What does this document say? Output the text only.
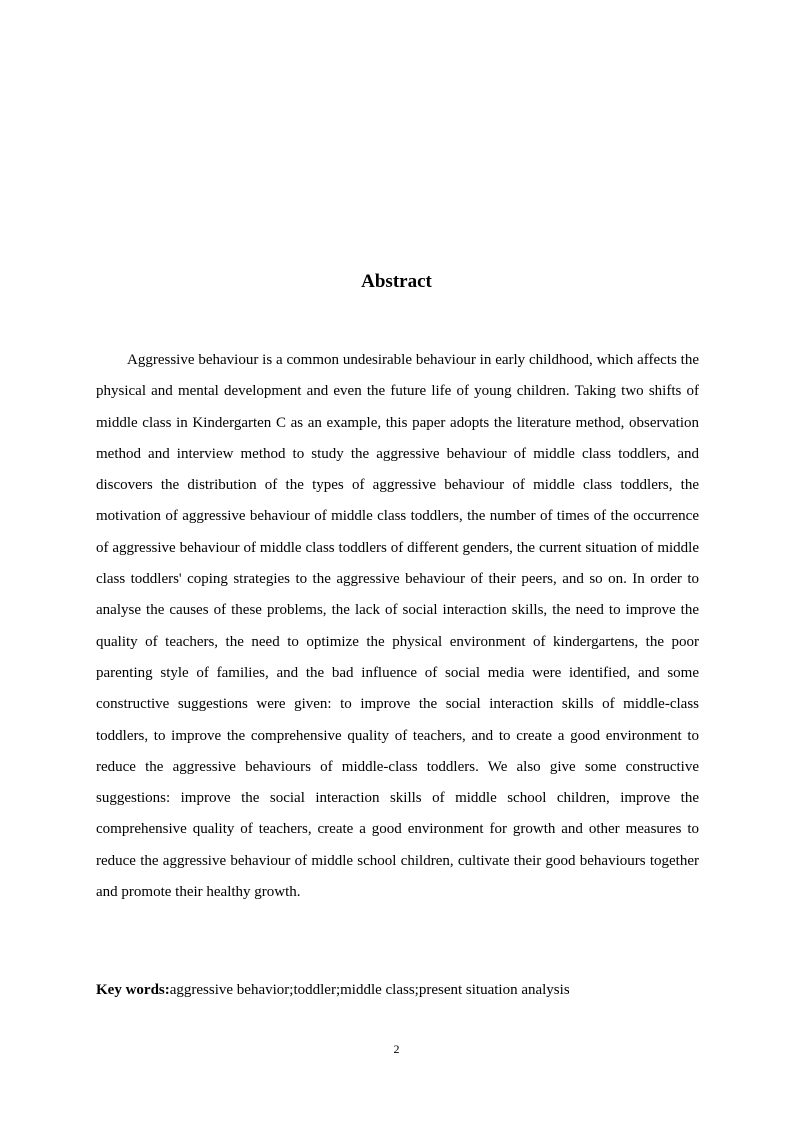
Abstract

Aggressive behaviour is a common undesirable behaviour in early childhood, which affects the physical and mental development and even the future life of young children. Taking two shifts of middle class in Kindergarten C as an example, this paper adopts the literature method, observation method and interview method to study the aggressive behaviour of middle class toddlers, and discovers the distribution of the types of aggressive behaviour of middle class toddlers, the motivation of aggressive behaviour of middle class toddlers, the number of times of the occurrence of aggressive behaviour of middle class toddlers of different genders, the current situation of middle class toddlers' coping strategies to the aggressive behaviour of their peers, and so on. In order to analyse the causes of these problems, the lack of social interaction skills, the need to improve the quality of teachers, the need to optimize the physical environment of kindergartens, the poor parenting style of families, and the bad influence of social media were identified, and some constructive suggestions were given: to improve the social interaction skills of middle-class toddlers, to improve the comprehensive quality of teachers, and to create a good environment to reduce the aggressive behaviours of middle-class toddlers. We also give some constructive suggestions: improve the social interaction skills of middle school children, improve the comprehensive quality of teachers, create a good environment for growth and other measures to reduce the aggressive behaviour of middle school children, cultivate their good behaviours together and promote their healthy growth.

Key words:aggressive behavior;toddler;middle class;present situation analysis

2
